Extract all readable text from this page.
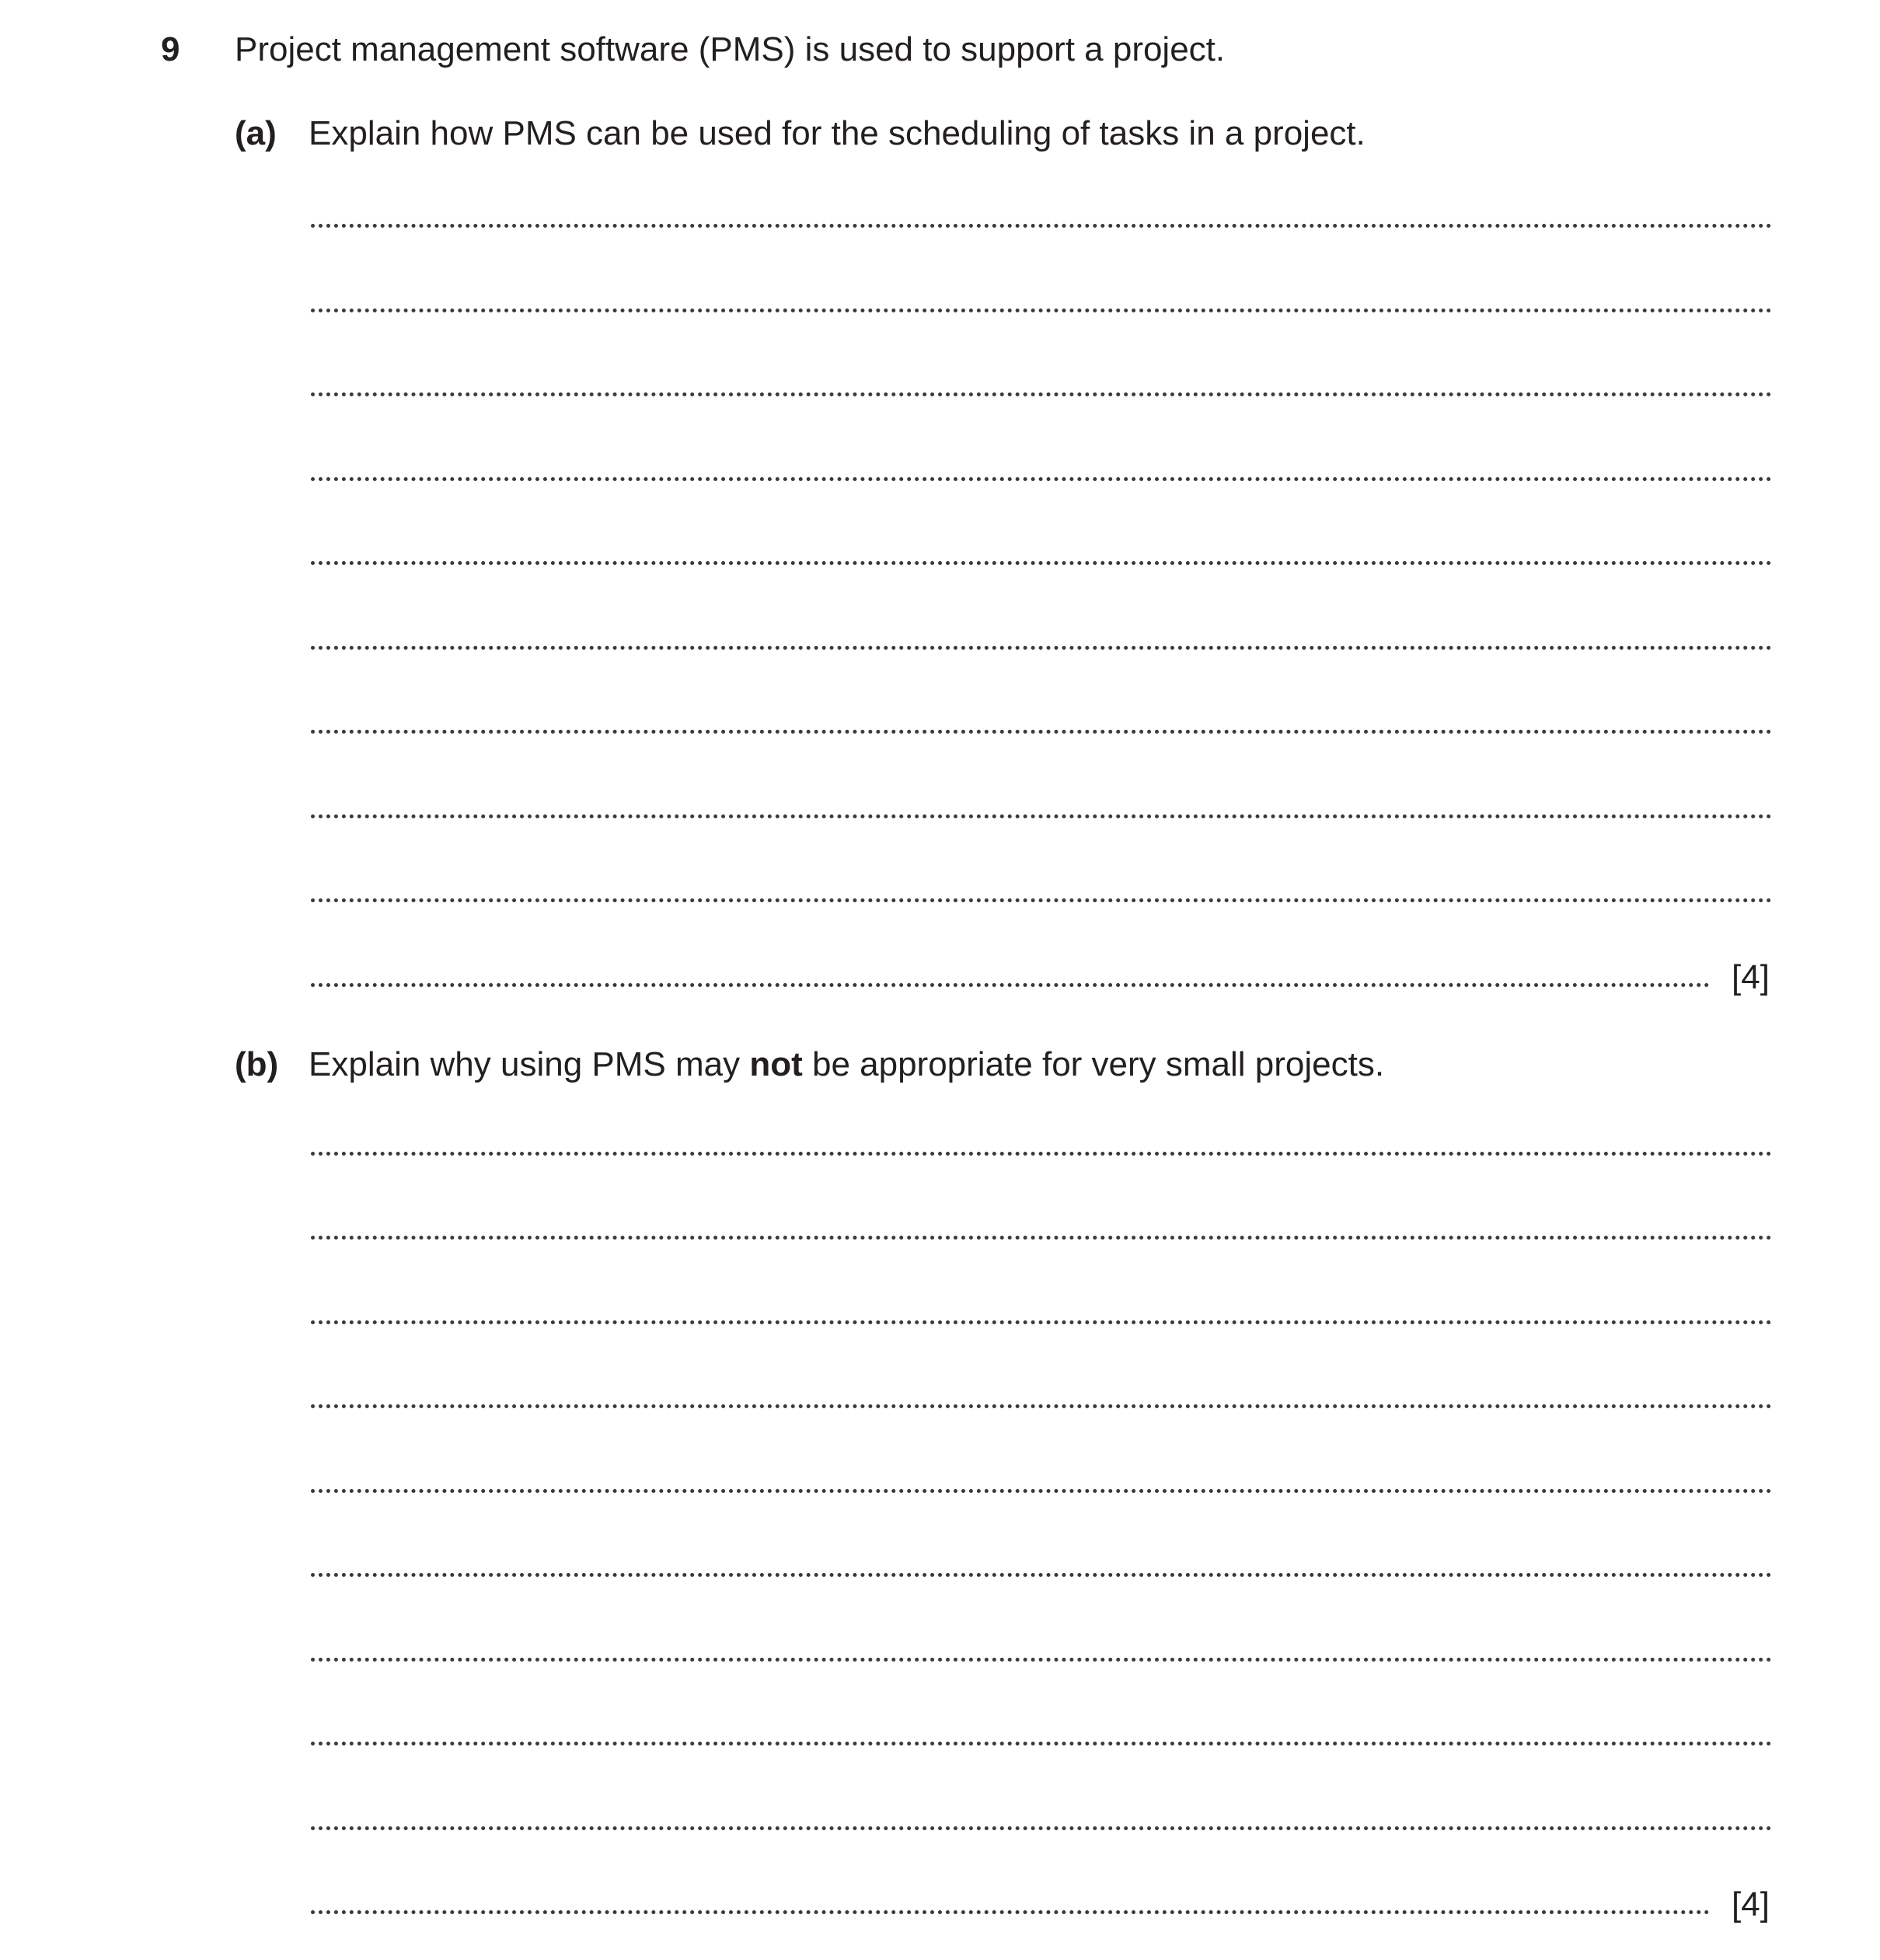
9 Project management software (PMS) is used to support a project.
(a) Explain how PMS can be used for the scheduling of tasks in a project.
[4]
(b) Explain why using PMS may not be appropriate for very small projects.
[4]
